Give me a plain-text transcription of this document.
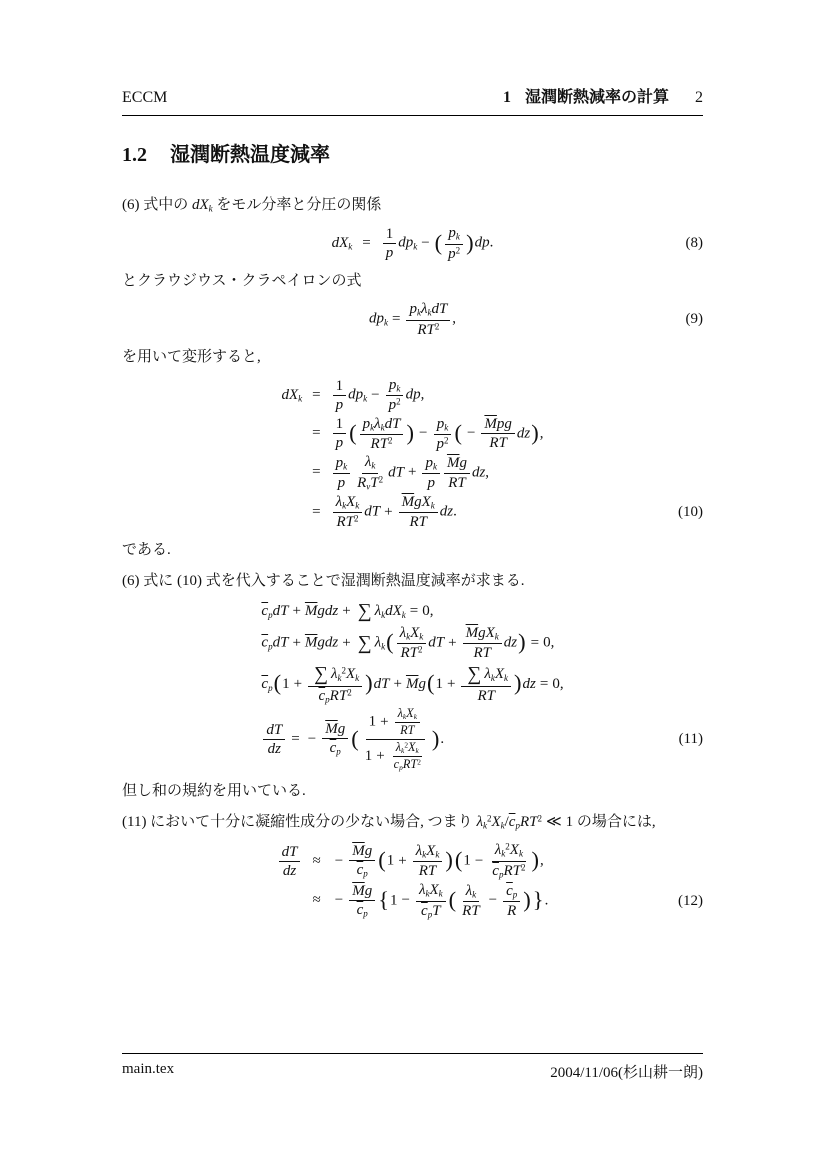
ECCM	1 湿潤断熱減率の計算 2
1.2 湿潤断熱温度減率

(6) 式中の $dX_k$ をモル分率と分圧の関係

$dX_k = \frac{1}{p} dp_k$ − ( $\frac{p_k}{p^2} )dp$.	(8)

とクラウジウス・クラペイロンの式

$dp_k$ =
$p_k\lambda_kdT$
$RT^2$ ,	(9)

を用いて変形すると,

$dX_k = \frac{1}{p} dp_k - \frac{p_k}{p^2}$ dp,
= $\frac{1}{p}$ ( $p_k\lambda_kdT$
$RT^2$ ) − $\frac{p_k}{p^2}$ ( −
$\overline{M}pg$
RT
dz),
= $\frac{p_k}{p} \lambda_k$
$R_vT^2$ dT + $\frac{p_k}{p} \frac{\overline{M}g}{RT}$ dz,
=
$\lambda_kX_k$
$RT^2$ dT +
$\overline{M}gX_k$
RT
dz.	(10)

である.

(6) 式に (10) 式を代入することで湿潤断熱温度減率が求まる.

$\overline{c}_pdT + \overline{M}gdz$ + ∑ $\lambda_kdX_k = 0$,
$\overline{c}_pdT + \overline{M}gdz$ + ∑ $\lambda_k$( $\lambda_kX_k$
$RT^2$ dT +
$\overline{M}gX_k$
RT
dz) = 0,
$\overline{c}_p(1$ + ∑ $\lambda_k^2X_k$
$\overline{c}_pRT^2$ )$dT + \overline{M}g(1$ + ∑ $\lambda_kX_k$
RT
)dz = 0,
$\frac{dT}{dz}$ = − $\frac{\overline{M}g}{\overline{c}_p}$ (
1 +
$\lambda_kX_k$
RT
1 +
$\lambda_k^2X_k$
$\overline{c}_pRT^2$
).	(11)

但し和の規約を用いている.

(11) において十分に凝縮性成分の少ない場合, つまり $\lambda_k^2X_k/\overline{c}_pRT^2$ ≪ 1 の場合には,

$\frac{dT}{dz}$ ≈ − $\frac{\overline{M}g}{\overline{c}_p} (1$ +
$\lambda_kX_k$
RT )(1 −
$\lambda_k^2X_k$
$\overline{c}_pRT^2$ ),
≈ − $\frac{\overline{M}g}{\overline{c}_p} \{1$ −
$\lambda_kX_k$
$\overline{c}_pT$ ( $\frac{\lambda_k}{RT} - \frac{\overline{c}_p}{R}$ )}.	(12)
main.tex	2004/11/06(杉山耕一朗)
